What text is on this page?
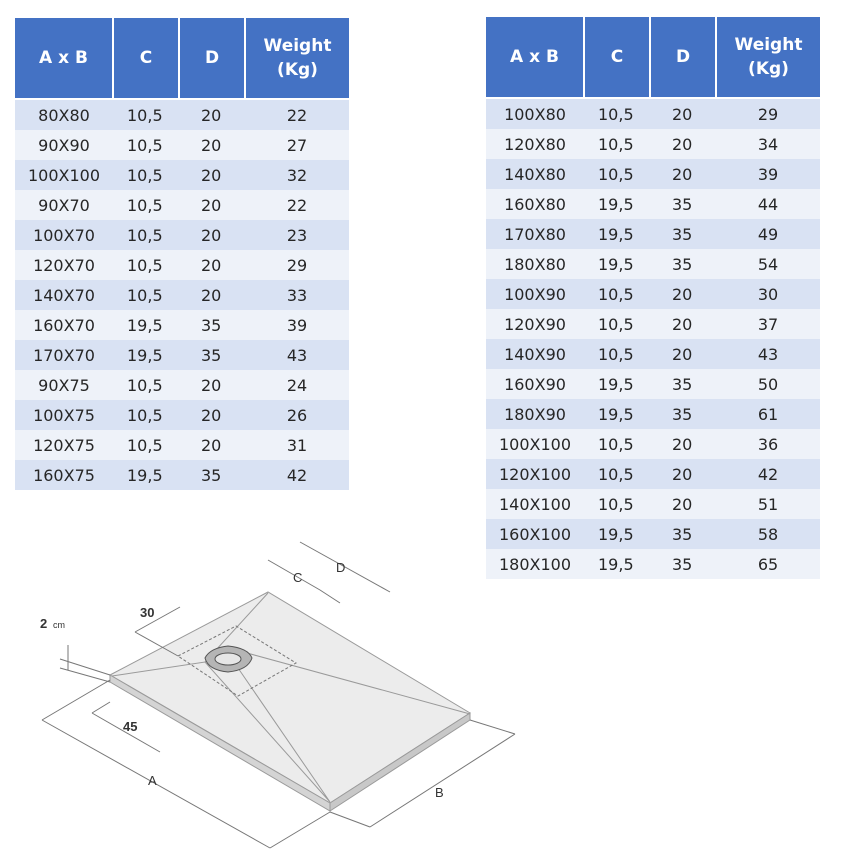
A x B	C	D	Weight
(Kg)
80X80	10,5	20	22
90X90	10,5	20	27
100X100	10,5	20	32
90X70	10,5	20	22
100X70	10,5	20	23
120X70	10,5	20	29
140X70	10,5	20	33
160X70	19,5	35	39
170X70	19,5	35	43
90X75	10,5	20	24
100X75	10,5	20	26
120X75	10,5	20	31
160X75	19,5	35	42
A x B	C	D	Weight
(Kg)
100X80	10,5	20	29
120X80	10,5	20	34
140X80	10,5	20	39
160X80	19,5	35	44
170X80	19,5	35	49
180X80	19,5	35	54
100X90	10,5	20	30
120X90	10,5	20	37
140X90	10,5	20	43
160X90	19,5	35	50
180X90	19,5	35	61
100X100	10,5	20	36
120X100	10,5	20	42
140X100	10,5	20	51
160X100	19,5	35	58
180X100	19,5	35	65
2 cm
30
45
A
B
C
D
